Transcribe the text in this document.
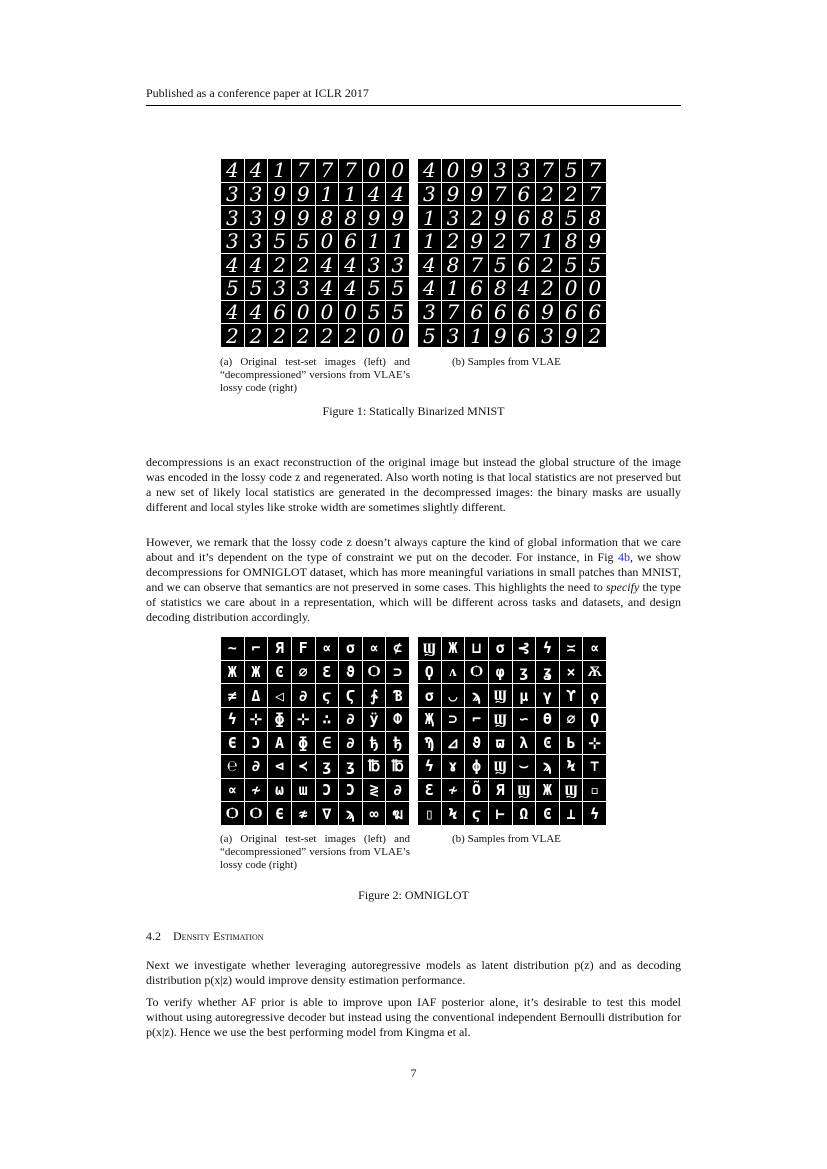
Published as a conference paper at ICLR 2017
4 4 1 7 7 7 0 0
3 3 9 9 1 1 4 4
3 3 9 9 8 8 9 9
3 3 5 5 0 6 1 1
4 4 2 2 4 4 3 3
5 5 3 3 4 4 5 5
4 4 6 0 0 0 5 5
2 2 2 2 2 2 0 0
4 0 9 3 3 7 5 7
3 9 9 7 6 2 2 7
1 3 2 9 6 8 5 8
1 2 9 2 7 1 8 9
4 8 7 5 6 2 5 5
4 1 6 8 4 2 0 0
3 7 6 6 6 9 6 6
5 3 1 9 6 3 9 2
(a) Original test-set images (left) and “decompressioned” versions from VLAE’s lossy code (right)
(b) Samples from VLAE
Figure 1: Statically Binarized MNIST

decompressions is an exact reconstruction of the original image but instead the global structure of the image was encoded in the lossy code z and regenerated. Also worth noting is that local statistics are not preserved but a new set of likely local statistics are generated in the decompressed images: the binary masks are usually different and local styles like stroke width are sometimes slightly different.

However, we remark that the lossy code z doesn’t always capture the kind of global information that we care about and it’s dependent on the type of constraint we put on the decoder. For instance, in Fig 4b, we show decompressions for OMNIGLOT dataset, which has more meaningful variations in small patches than MNIST, and we can observe that semantics are not preserved in some cases. This highlights the need to specify the type of statistics we care about in a representation, which will be different across tasks and datasets, and design decoding distribution accordingly.

~ ⌐ Я F ∝ σ ∝ ⊄
Ж Ж Ͼ ∅ Ɛ ϑ Ѻ ⊃
≠ Δ ◁ ∂ ϛ Ϛ	∱	Ɓ
ϟ ⊹ ɸ ⊹ ∴ ∂ ÿ Ф
Є Ɔ А ɸ ∈ ∂ ђ ђ
℮ ∂ ⊲ ≺ ʒ ʒ ℔ ℔
∝ ≁ ω ɯ Ɔ Ɔ ≷ ∂
Ѻ Ѻ Є ≉ ∇ ϡ ∞ ฆ
Ϣ Ж ⊔ σ ⊰ ϟ ≍ ∝
Ϙ	ᴧ Ѻ φ ʒ ʓ ⨯ Ѫ
σ ◡ ϡ Ϣ μ γ ϒ ϙ
Җ ⊃ ⌐ Ϣ ∽ ϴ ∅ Ϙ
Ϡ ⊿ ϑ ϖ λ Ͼ Ь ⊹
ϟ ɤ ϕ Ϣ ⌣ ϡ Ϟ ⊤
Ԑ ≁ Õ Я Ϣ Ж Ϣ ▫
▯ Ϟ ϛ ⊢ Ω Ͼ ⊥ ϟ
(a) Original test-set images (left) and “decompressioned” versions from VLAE’s lossy code (right)
(b) Samples from VLAE
Figure 2: OMNIGLOT
4.2 Density Estimation

Next we investigate whether leveraging autoregressive models as latent distribution p(z) and as decoding distribution p(x|z) would improve density estimation performance.

To verify whether AF prior is able to improve upon IAF posterior alone, it’s desirable to test this model without using autoregressive decoder but instead using the conventional independent Bernoulli distribution for p(x|z). Hence we use the best performing model from Kingma et al.

7
